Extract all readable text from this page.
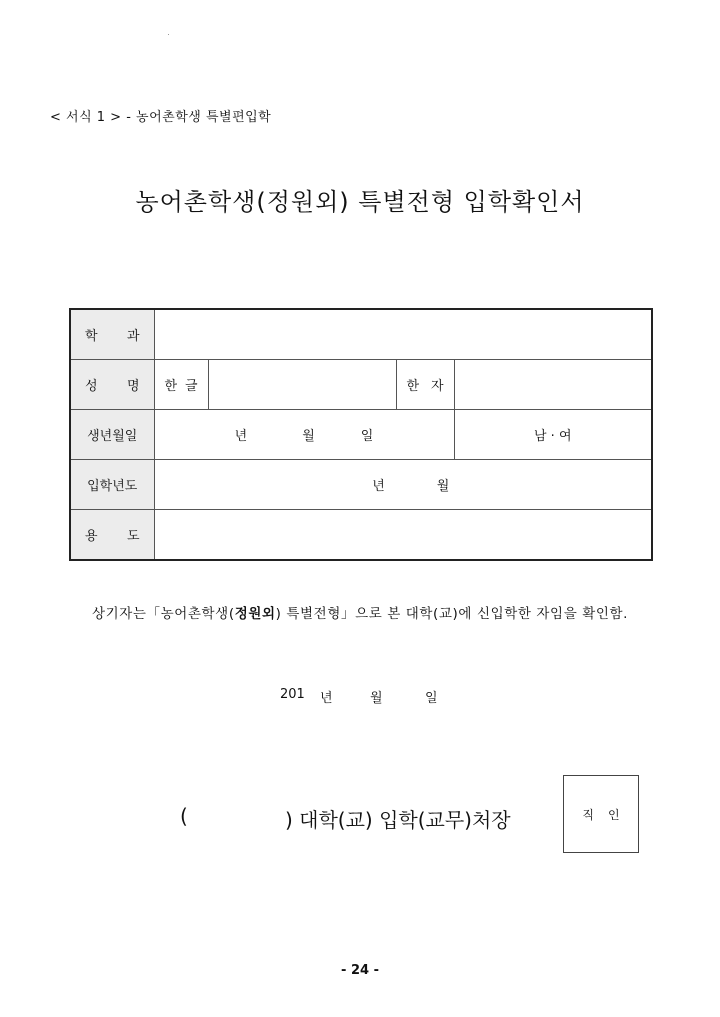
< 서식 1 > - 농어촌학생 특별편입학
농어촌학생(정원외) 특별전형 입학확인서
학 과				

성 명	한 글		한 자	

생년월일	년 월 일			남 · 여
입학년도	년 월			

용 도				

상기자는「농어촌학생(정원외) 특별전형」으로 본 대학(교)에 신입학한 자임을 확인함.
201 년	월	일
(	) 대학(교) 입학(교무)처장	직인
- 24 -
